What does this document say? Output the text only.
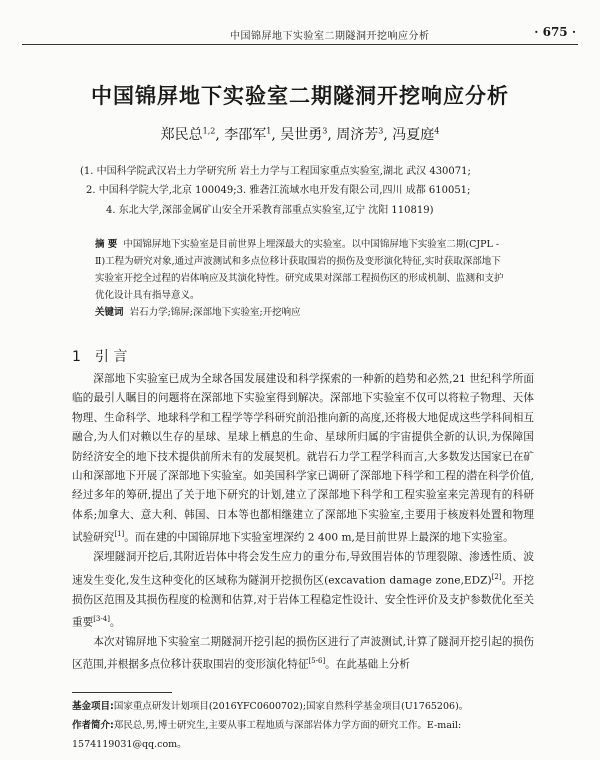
中国锦屏地下实验室二期隧洞开挖响应分析	· 675 ·
中国锦屏地下实验室二期隧洞开挖响应分析
郑民总$^{1,2}$, 李邵军$^1$, 吴世勇$^3$, 周济芳$^3$, 冯夏庭$^4$
(1. 中国科学院武汉岩土力学研究所 岩土力学与工程国家重点实验室,湖北 武汉 430071;
2. 中国科学院大学,北京 100049;3. 雅砻江流域水电开发有限公司,四川 成都 610051;
4. 东北大学,深部金属矿山安全开采教育部重点实验室,辽宁 沈阳 110819)
摘 要 中国锦屏地下实验室是目前世界上埋深最大的实验室。以中国锦屏地下实验室二期(CJPL - Ⅱ)工程为研究对象,通过声波测试和多点位移计获取围岩的损伤及变形演化特征,实时获取深部地下实验室开挖全过程的岩体响应及其演化特性。研究成果对深部工程损伤区的形成机制、监测和支护优化设计具有指导意义。
关键词 岩石力学;锦屏;深部地下实验室;开挖响应
1 引 言

深部地下实验室已成为全球各国发展建设和科学探索的一种新的趋势和必然,21 世纪科学所面临的最引人瞩目的问题将在深部地下实验室得到解决。深部地下实验室不仅可以将粒子物理、天体物理、生命科学、地球科学和工程学等学科研究前沿推向新的高度,还将极大地促成这些学科间相互融合,为人们对赖以生存的星球、星球上栖息的生命、星球所归属的宇宙提供全新的认识,为保障国防经济安全的地下技术提供前所未有的发展契机。就岩石力学工程学科而言,大多数发达国家已在矿山和深部地下开展了深部地下实验室。如美国科学家已调研了深部地下科学和工程的潜在科学价值,经过多年的筹研,提出了关于地下研究的计划,建立了深部地下科学和工程实验室来完善现有的科研体系;加拿大、意大利、韩国、日本等也都相继建立了深部地下实验室,主要用于核废料处置和物理试验研究[1]。而在建的中国锦屏地下实验室埋深约 2 400 m,是目前世界上最深的地下实验室。

深埋隧洞开挖后,其附近岩体中将会发生应力的重分布,导致围岩体的节理裂隙、渗透性质、波速发生变化,发生这种变化的区域称为隧洞开挖损伤区(excavation damage zone,EDZ)[2]。开挖损伤区范围及其损伤程度的检测和估算,对于岩体工程稳定性设计、安全性评价及支护参数优化至关重要[3-4]。

本次对锦屏地下实验室二期隧洞开挖引起的损伤区进行了声波测试,计算了隧洞开挖引起的损伤区范围,并根据多点位移计获取围岩的变形演化特征[5-6]。在此基础上分析

基金项目:国家重点研发计划项目(2016YFC0600702);国家自然科学基金项目(U1765206)。
作者简介:郑民总,男,博士研究生,主要从事工程地质与深部岩体力学方面的研究工作。E-mail:
1574119031@qq.com。
